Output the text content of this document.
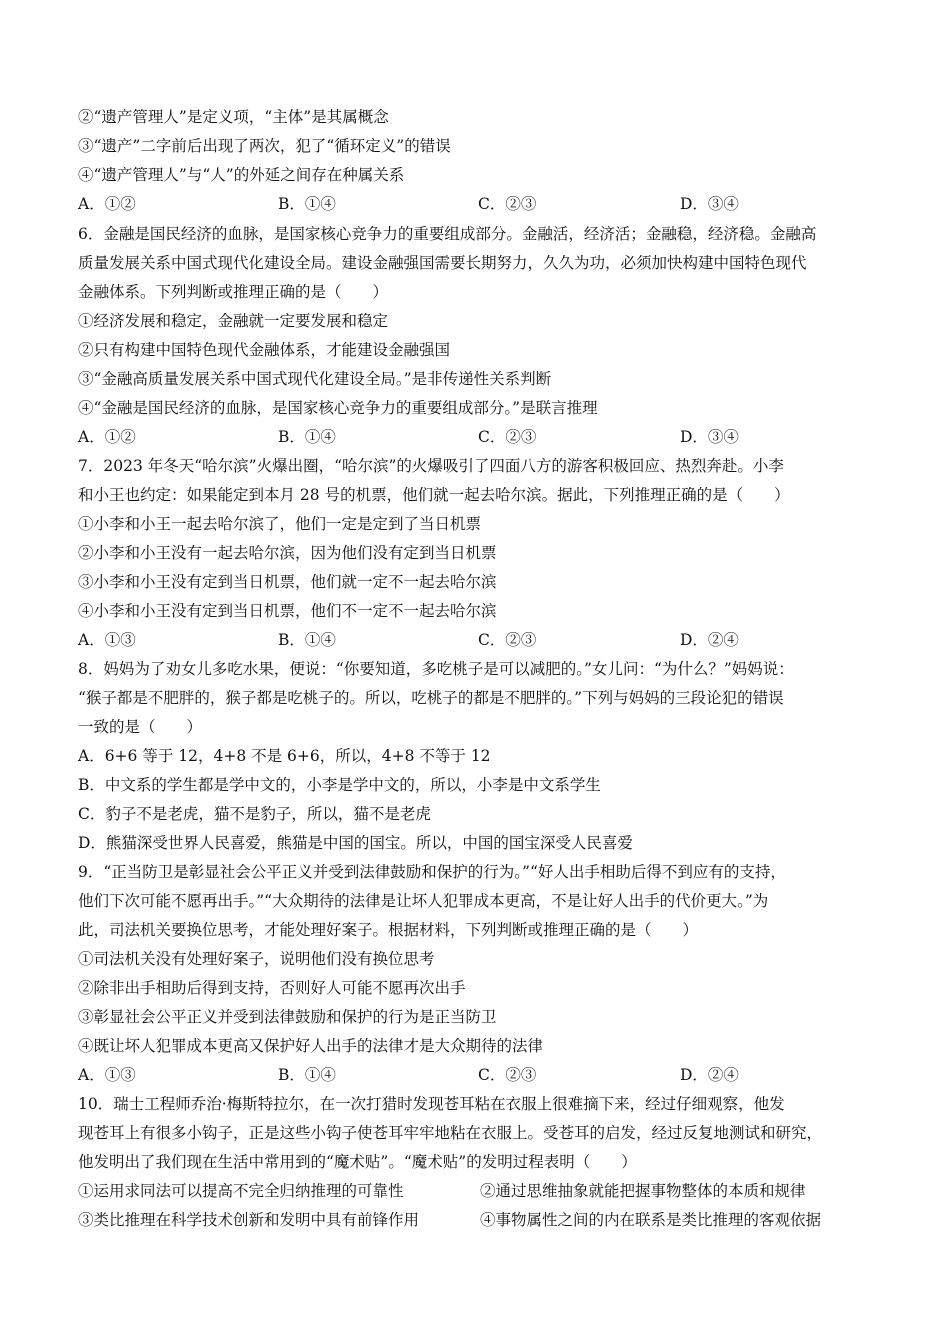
②“遗产管理人”是定义项，“主体”是其属概念
③“遗产”二字前后出现了两次，犯了“循环定义”的错误
④“遗产管理人”与“人”的外延之间存在种属关系
A．①②	B．①④	C．②③	D．③④
6．金融是国民经济的血脉，是国家核心竞争力的重要组成部分。金融活，经济活；金融稳，经济稳。金融高
质量发展关系中国式现代化建设全局。建设金融强国需要长期努力，久久为功，必须加快构建中国特色现代
金融体系。下列判断或推理正确的是（　　）
①经济发展和稳定，金融就一定要发展和稳定
②只有构建中国特色现代金融体系，才能建设金融强国
③“金融高质量发展关系中国式现代化建设全局。”是非传递性关系判断
④“金融是国民经济的血脉，是国家核心竞争力的重要组成部分。”是联言推理
A．①②	B．①④	C．②③	D．③④
7．2023 年冬天“哈尔滨”火爆出圈，“哈尔滨”的火爆吸引了四面八方的游客积极回应、热烈奔赴。小李
和小王也约定：如果能定到本月 28 号的机票，他们就一起去哈尔滨。据此，下列推理正确的是（　　）
①小李和小王一起去哈尔滨了，他们一定是定到了当日机票
②小李和小王没有一起去哈尔滨，因为他们没有定到当日机票
③小李和小王没有定到当日机票，他们就一定不一起去哈尔滨
④小李和小王没有定到当日机票，他们不一定不一起去哈尔滨
A．①③	B．①④	C．②③	D．②④
8．妈妈为了劝女儿多吃水果，便说：“你要知道，多吃桃子是可以减肥的。”女儿问：“为什么？”妈妈说：
“猴子都是不肥胖的，猴子都是吃桃子的。所以，吃桃子的都是不肥胖的。”下列与妈妈的三段论犯的错误
一致的是（　　）
A．6+6 等于 12，4+8 不是 6+6，所以，4+8 不等于 12
B．中文系的学生都是学中文的，小李是学中文的，所以，小李是中文系学生
C．豹子不是老虎，猫不是豹子，所以，猫不是老虎
D．熊猫深受世界人民喜爱，熊猫是中国的国宝。所以，中国的国宝深受人民喜爱
9．“正当防卫是彰显社会公平正义并受到法律鼓励和保护的行为。”“好人出手相助后得不到应有的支持，
他们下次可能不愿再出手。”“大众期待的法律是让坏人犯罪成本更高，不是让好人出手的代价更大。”为
此，司法机关要换位思考，才能处理好案子。根据材料，下列判断或推理正确的是（　　）
①司法机关没有处理好案子，说明他们没有换位思考
②除非出手相助后得到支持，否则好人可能不愿再次出手
③彰显社会公平正义并受到法律鼓励和保护的行为是正当防卫
④既让坏人犯罪成本更高又保护好人出手的法律才是大众期待的法律
A．①③	B．①④	C．②③	D．②④
10．瑞士工程师乔治·梅斯特拉尔，在一次打猎时发现苍耳粘在衣服上很难摘下来，经过仔细观察，他发
现苍耳上有很多小钩子，正是这些小钩子使苍耳牢牢地粘在衣服上。受苍耳的启发，经过反复地测试和研究，
他发明出了我们现在生活中常用到的“魔术贴”。“魔术贴”的发明过程表明（　　）
①运用求同法可以提高不完全归纳推理的可靠性	②通过思维抽象就能把握事物整体的本质和规律
③类比推理在科学技术创新和发明中具有前锋作用	④事物属性之间的内在联系是类比推理的客观依据
